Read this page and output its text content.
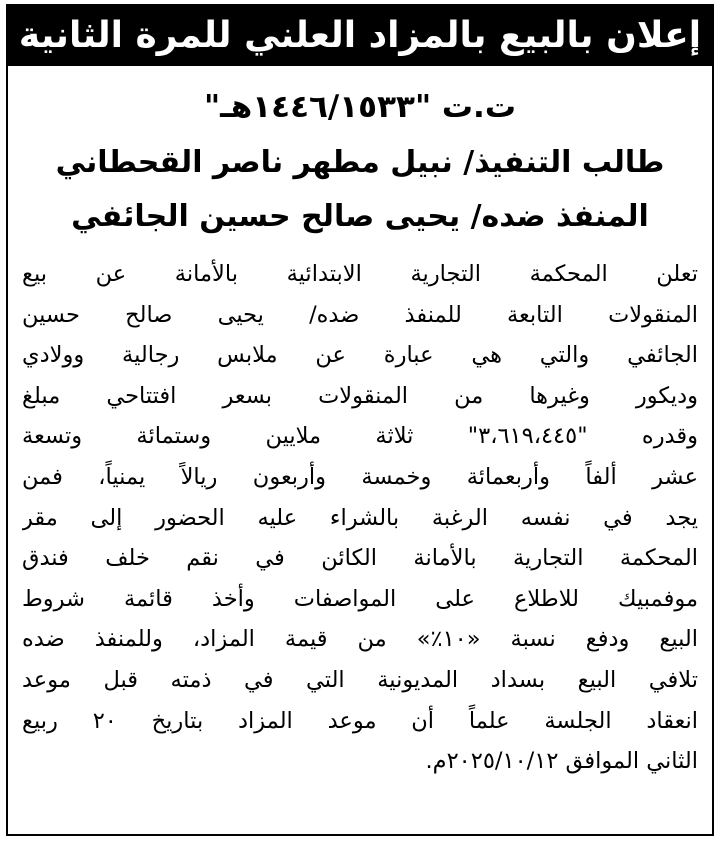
إعلان بالبيع بالمزاد العلني للمرة الثانية
ت.ت "١٤٤٦/١٥٣٣هـ"
طالب التنفيذ/ نبيل مطهر ناصر القحطاني
المنفذ ضده/ يحيى صالح حسين الجائفي
تعلن المحكمة التجارية الابتدائية بالأمانة عن بيع
المنقولات التابعة للمنفذ ضده/ يحيى صالح حسين
الجائفي والتي هي عبارة عن ملابس رجالية وولادي
وديكور وغيرها من المنقولات بسعر افتتاحي مبلغ
وقدره "٣،٦١٩،٤٤٥" ثلاثة ملايين وستمائة وتسعة
عشر ألفاً وأربعمائة وخمسة وأربعون ريالاً يمنياً، فمن
يجد في نفسه الرغبة بالشراء عليه الحضور إلى مقر
المحكمة التجارية بالأمانة الكائن في نقم خلف فندق
موفمبيك للاطلاع على المواصفات وأخذ قائمة شروط
البيع ودفع نسبة «١٠٪» من قيمة المزاد، وللمنفذ ضده
تلافي البيع بسداد المديونية التي في ذمته قبل موعد
انعقاد الجلسة علماً أن موعد المزاد بتاريخ ٢٠ ربيع
الثاني الموافق ٢٠٢٥/١٠/١٢م.
